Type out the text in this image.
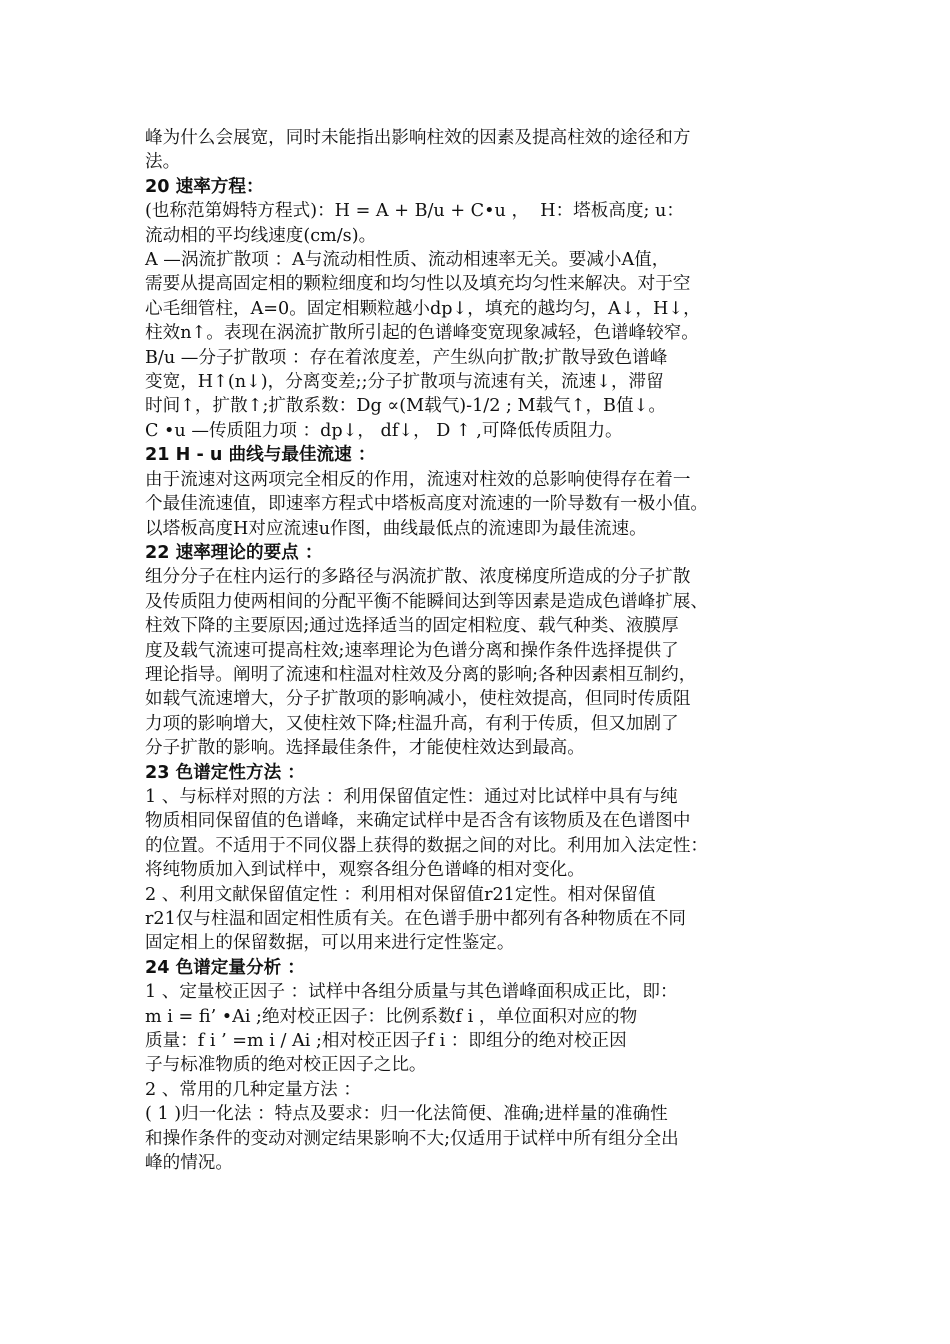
峰为什么会展宽，同时未能指出影响柱效的因素及提高柱效的途径和方
法。
20 速率方程：
(也称范第姆特方程式)：H = A + B/u + C•u ，  H：塔板高度; u：
流动相的平均线速度(cm/s)。
A —涡流扩散项 ：A与流动相性质、流动相速率无关。要减小A值，
需要从提高固定相的颗粒细度和均匀性以及填充均匀性来解决。对于空
心毛细管柱，A=0。固定相颗粒越小dp↓，填充的越均匀，A↓，H↓，
柱效n↑。表现在涡流扩散所引起的色谱峰变宽现象减轻，色谱峰较窄。
B/u —分子扩散项 ：存在着浓度差，产生纵向扩散;扩散导致色谱峰
变宽，H↑(n↓)，分离变差;;分子扩散项与流速有关，流速↓，滞留
时间↑，扩散↑;扩散系数：Dg ∝(M载气)-1/2 ; M载气↑，B值↓。
C •u —传质阻力项 ：dp↓， df↓， D ↑ ,可降低传质阻力。
21 H - u 曲线与最佳流速 ：
由于流速对这两项完全相反的作用，流速对柱效的总影响使得存在着一
个最佳流速值，即速率方程式中塔板高度对流速的一阶导数有一极小值。
以塔板高度H对应流速u作图，曲线最低点的流速即为最佳流速。
22 速率理论的要点 ：
组分分子在柱内运行的多路径与涡流扩散、浓度梯度所造成的分子扩散
及传质阻力使两相间的分配平衡不能瞬间达到等因素是造成色谱峰扩展、
柱效下降的主要原因;通过选择适当的固定相粒度、载气种类、液膜厚
度及载气流速可提高柱效;速率理论为色谱分离和操作条件选择提供了
理论指导。阐明了流速和柱温对柱效及分离的影响;各种因素相互制约，
如载气流速增大，分子扩散项的影响减小，使柱效提高，但同时传质阻
力项的影响增大，又使柱效下降;柱温升高，有利于传质，但又加剧了
分子扩散的影响。选择最佳条件，才能使柱效达到最高。
23 色谱定性方法 ：
1 、与标样对照的方法 ：利用保留值定性：通过对比试样中具有与纯
物质相同保留值的色谱峰，来确定试样中是否含有该物质及在色谱图中
的位置。不适用于不同仪器上获得的数据之间的对比。利用加入法定性：
将纯物质加入到试样中，观察各组分色谱峰的相对变化。
2 、利用文献保留值定性 ：利用相对保留值r21定性。相对保留值
r21仅与柱温和固定相性质有关。在色谱手册中都列有各种物质在不同
固定相上的保留数据，可以用来进行定性鉴定。
24 色谱定量分析 ：
1 、定量校正因子 ：试样中各组分质量与其色谱峰面积成正比，即：
m i = fi’ •Ai ;绝对校正因子：比例系数f i ，单位面积对应的物
质量：f i ’ =m i / Ai ;相对校正因子f i ：即组分的绝对校正因
子与标准物质的绝对校正因子之比。
2 、常用的几种定量方法 ：
( 1 )归一化法 ：特点及要求：归一化法简便、准确;进样量的准确性
和操作条件的变动对测定结果影响不大;仅适用于试样中所有组分全出
峰的情况。
